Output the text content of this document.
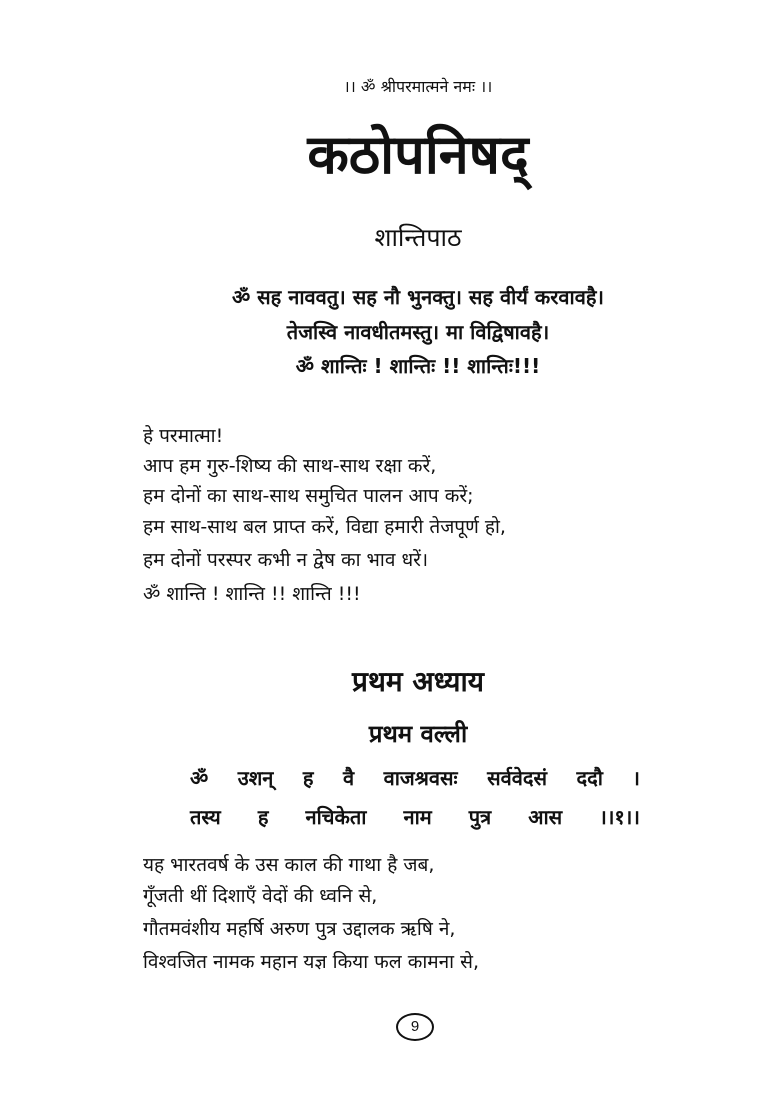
।। ॐ श्रीपरमात्मने नमः ।।
कठोपनिषद्
शान्तिपाठ
ॐ सह नाववतु। सह नौ भुनक्तु। सह वीर्यं करवावहै।
तेजस्वि नावधीतमस्तु। मा विद्विषावहै।
ॐ शान्तिः ! शान्तिः !! शान्तिः!!!
हे परमात्मा!
आप हम गुरु-शिष्य की साथ-साथ रक्षा करें,
हम दोनों का साथ-साथ समुचित पालन आप करें;
हम साथ-साथ बल प्राप्त करें, विद्या हमारी तेजपूर्ण हो,
हम दोनों परस्पर कभी न द्वेष का भाव धरें।
ॐ शान्ति ! शान्ति !! शान्ति !!!
प्रथम अध्याय
प्रथम वल्ली
ॐ उशन् ह वै वाजश्रवसः सर्ववेदसं ददौ ।
तस्य ह नचिकेता नाम पुत्र आस ।।१।।
यह भारतवर्ष के उस काल की गाथा है जब,
गूँजती थीं दिशाएँ वेदों की ध्वनि से,
गौतमवंशीय महर्षि अरुण पुत्र उद्दालक ऋषि ने,
विश्वजित नामक महान यज्ञ किया फल कामना से,
9
